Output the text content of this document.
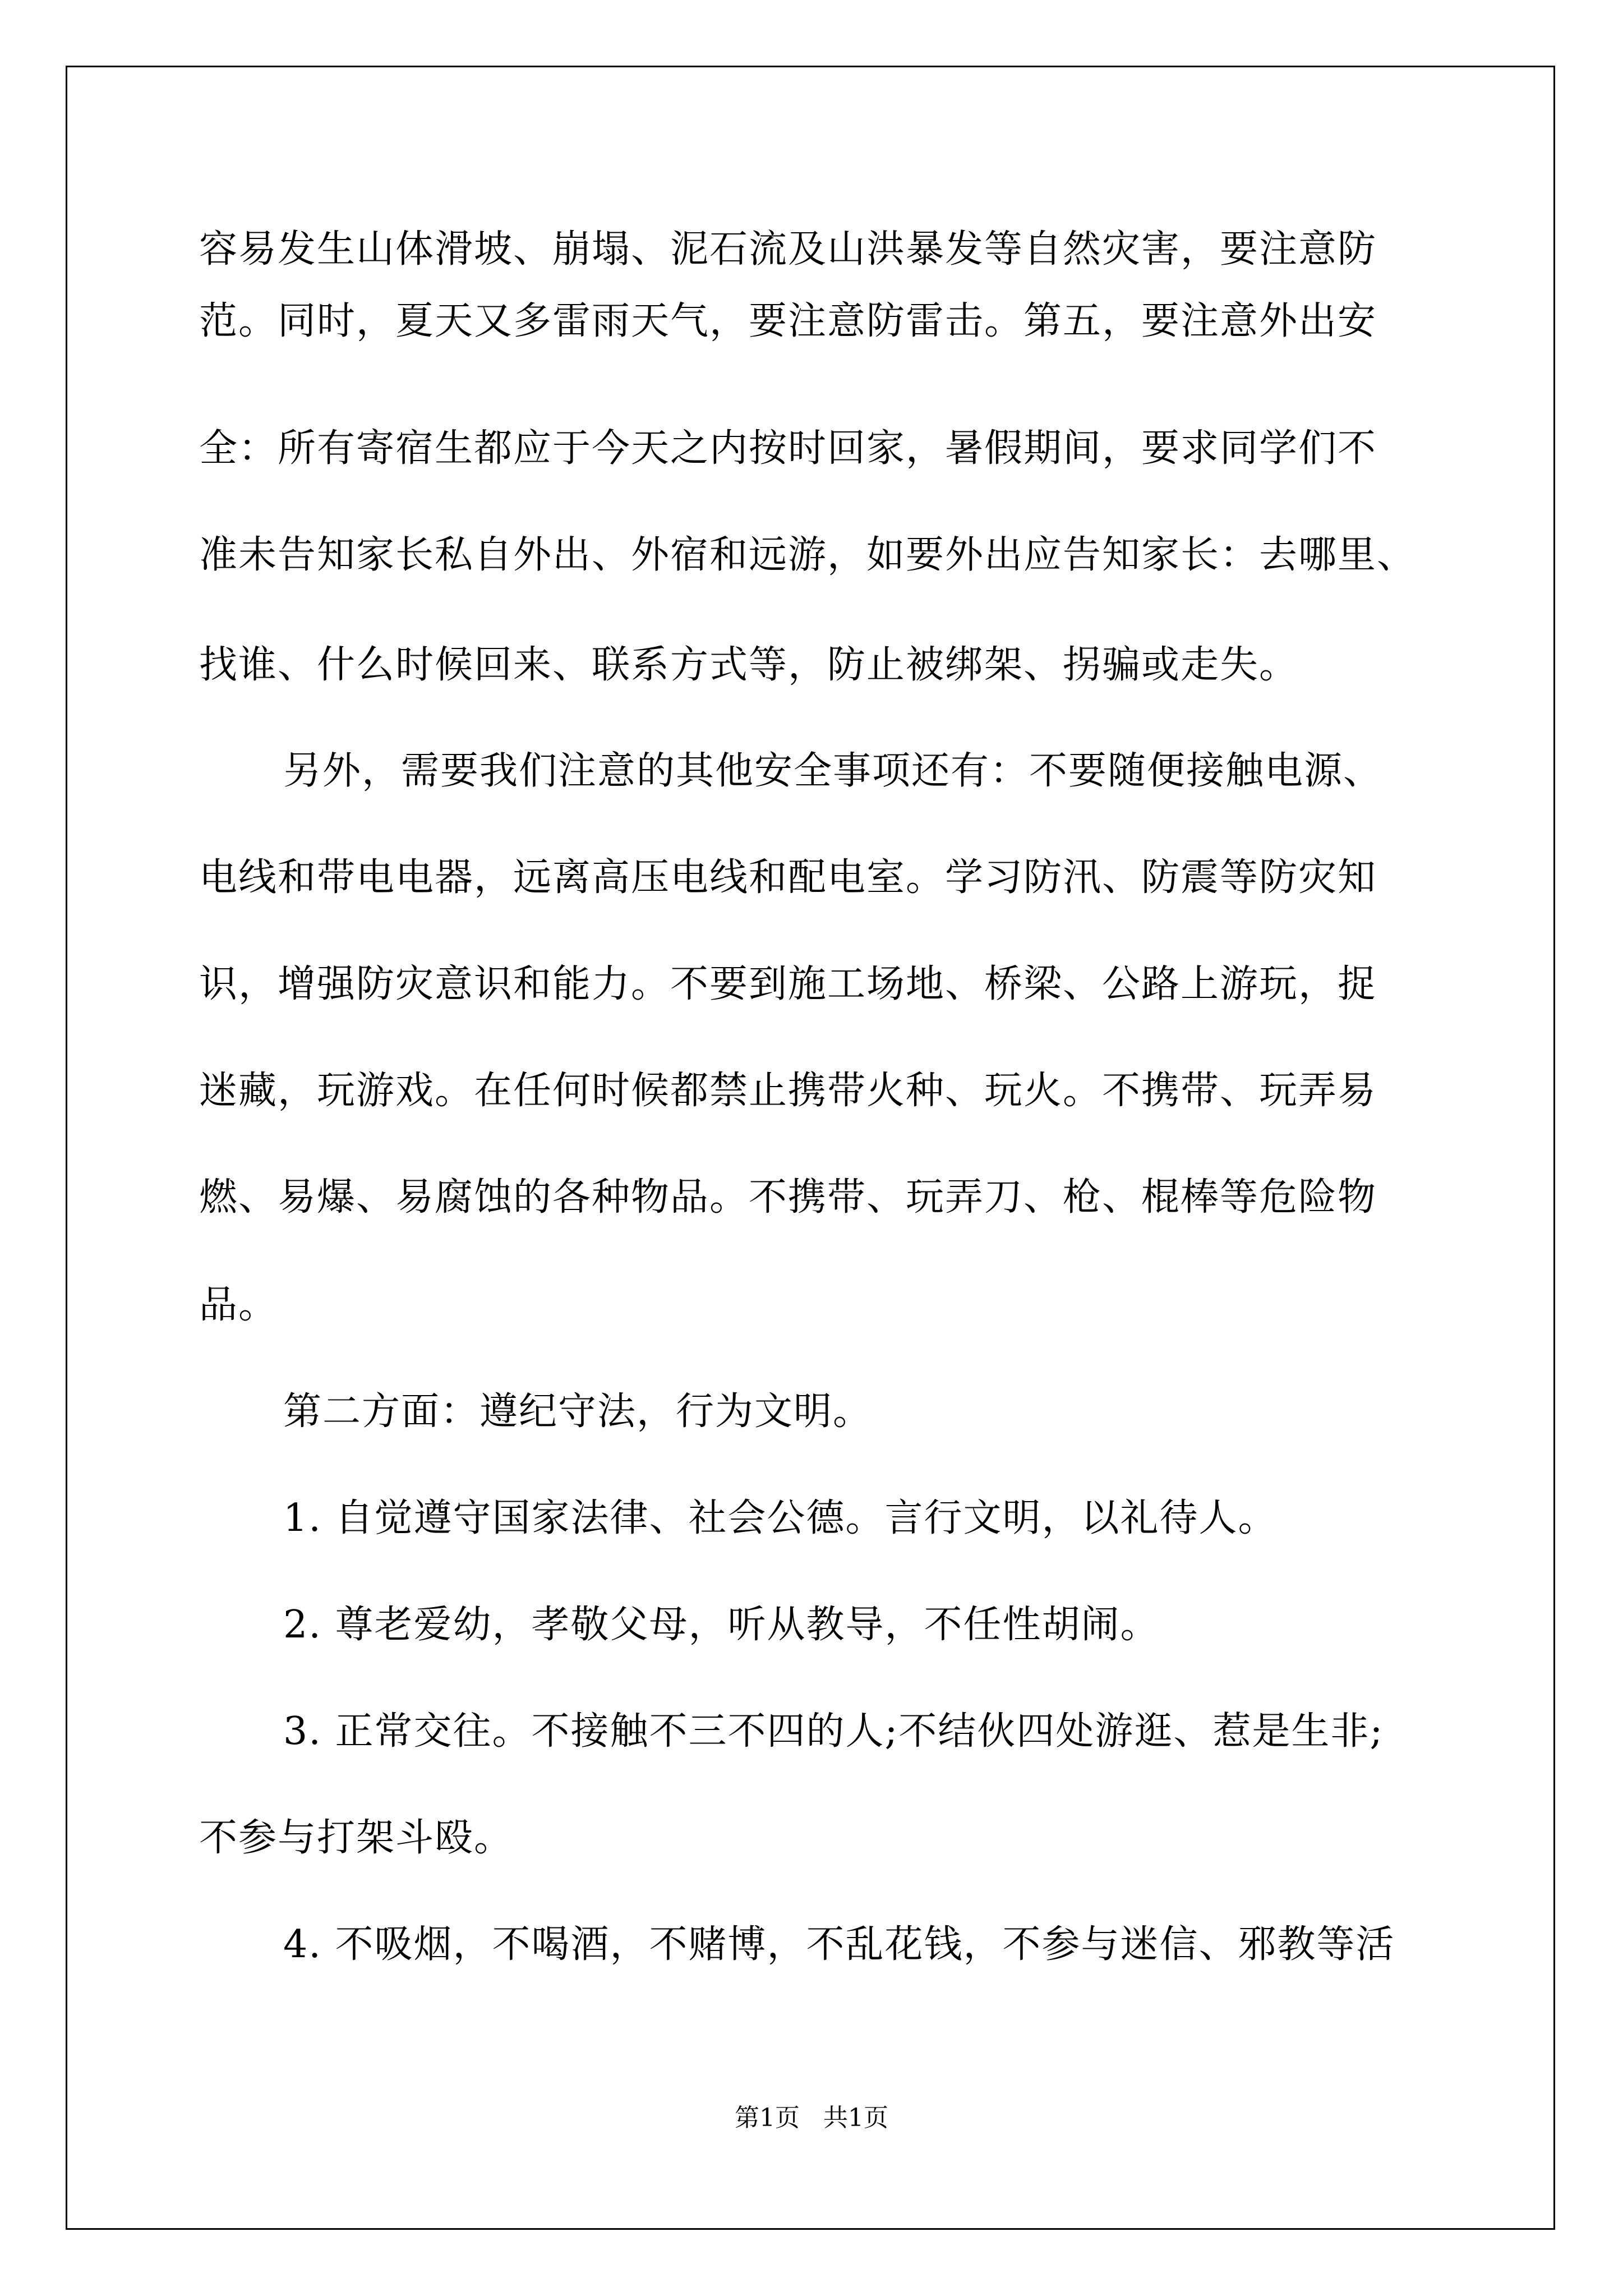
容易发生山体滑坡、崩塌、泥石流及山洪暴发等自然灾害，要注意防
范。同时，夏天又多雷雨天气，要注意防雷击。第五，要注意外出安
全：所有寄宿生都应于今天之内按时回家，暑假期间，要求同学们不
准未告知家长私自外出、外宿和远游，如要外出应告知家长：去哪里、
找谁、什么时候回来、联系方式等，防止被绑架、拐骗或走失。
另外，需要我们注意的其他安全事项还有：不要随便接触电源、
电线和带电电器，远离高压电线和配电室。学习防汛、防震等防灾知
识，增强防灾意识和能力。不要到施工场地、桥梁、公路上游玩，捉
迷藏，玩游戏。在任何时候都禁止携带火种、玩火。不携带、玩弄易
燃、易爆、易腐蚀的各种物品。不携带、玩弄刀、枪、棍棒等危险物
品。
第二方面：遵纪守法，行为文明。
1. 自觉遵守国家法律、社会公德。言行文明，以礼待人。
2. 尊老爱幼，孝敬父母，听从教导，不任性胡闹。
3. 正常交往。不接触不三不四的人;不结伙四处游逛、惹是生非;
不参与打架斗殴。
4. 不吸烟，不喝酒，不赌博，不乱花钱，不参与迷信、邪教等活
第1页   共1页
